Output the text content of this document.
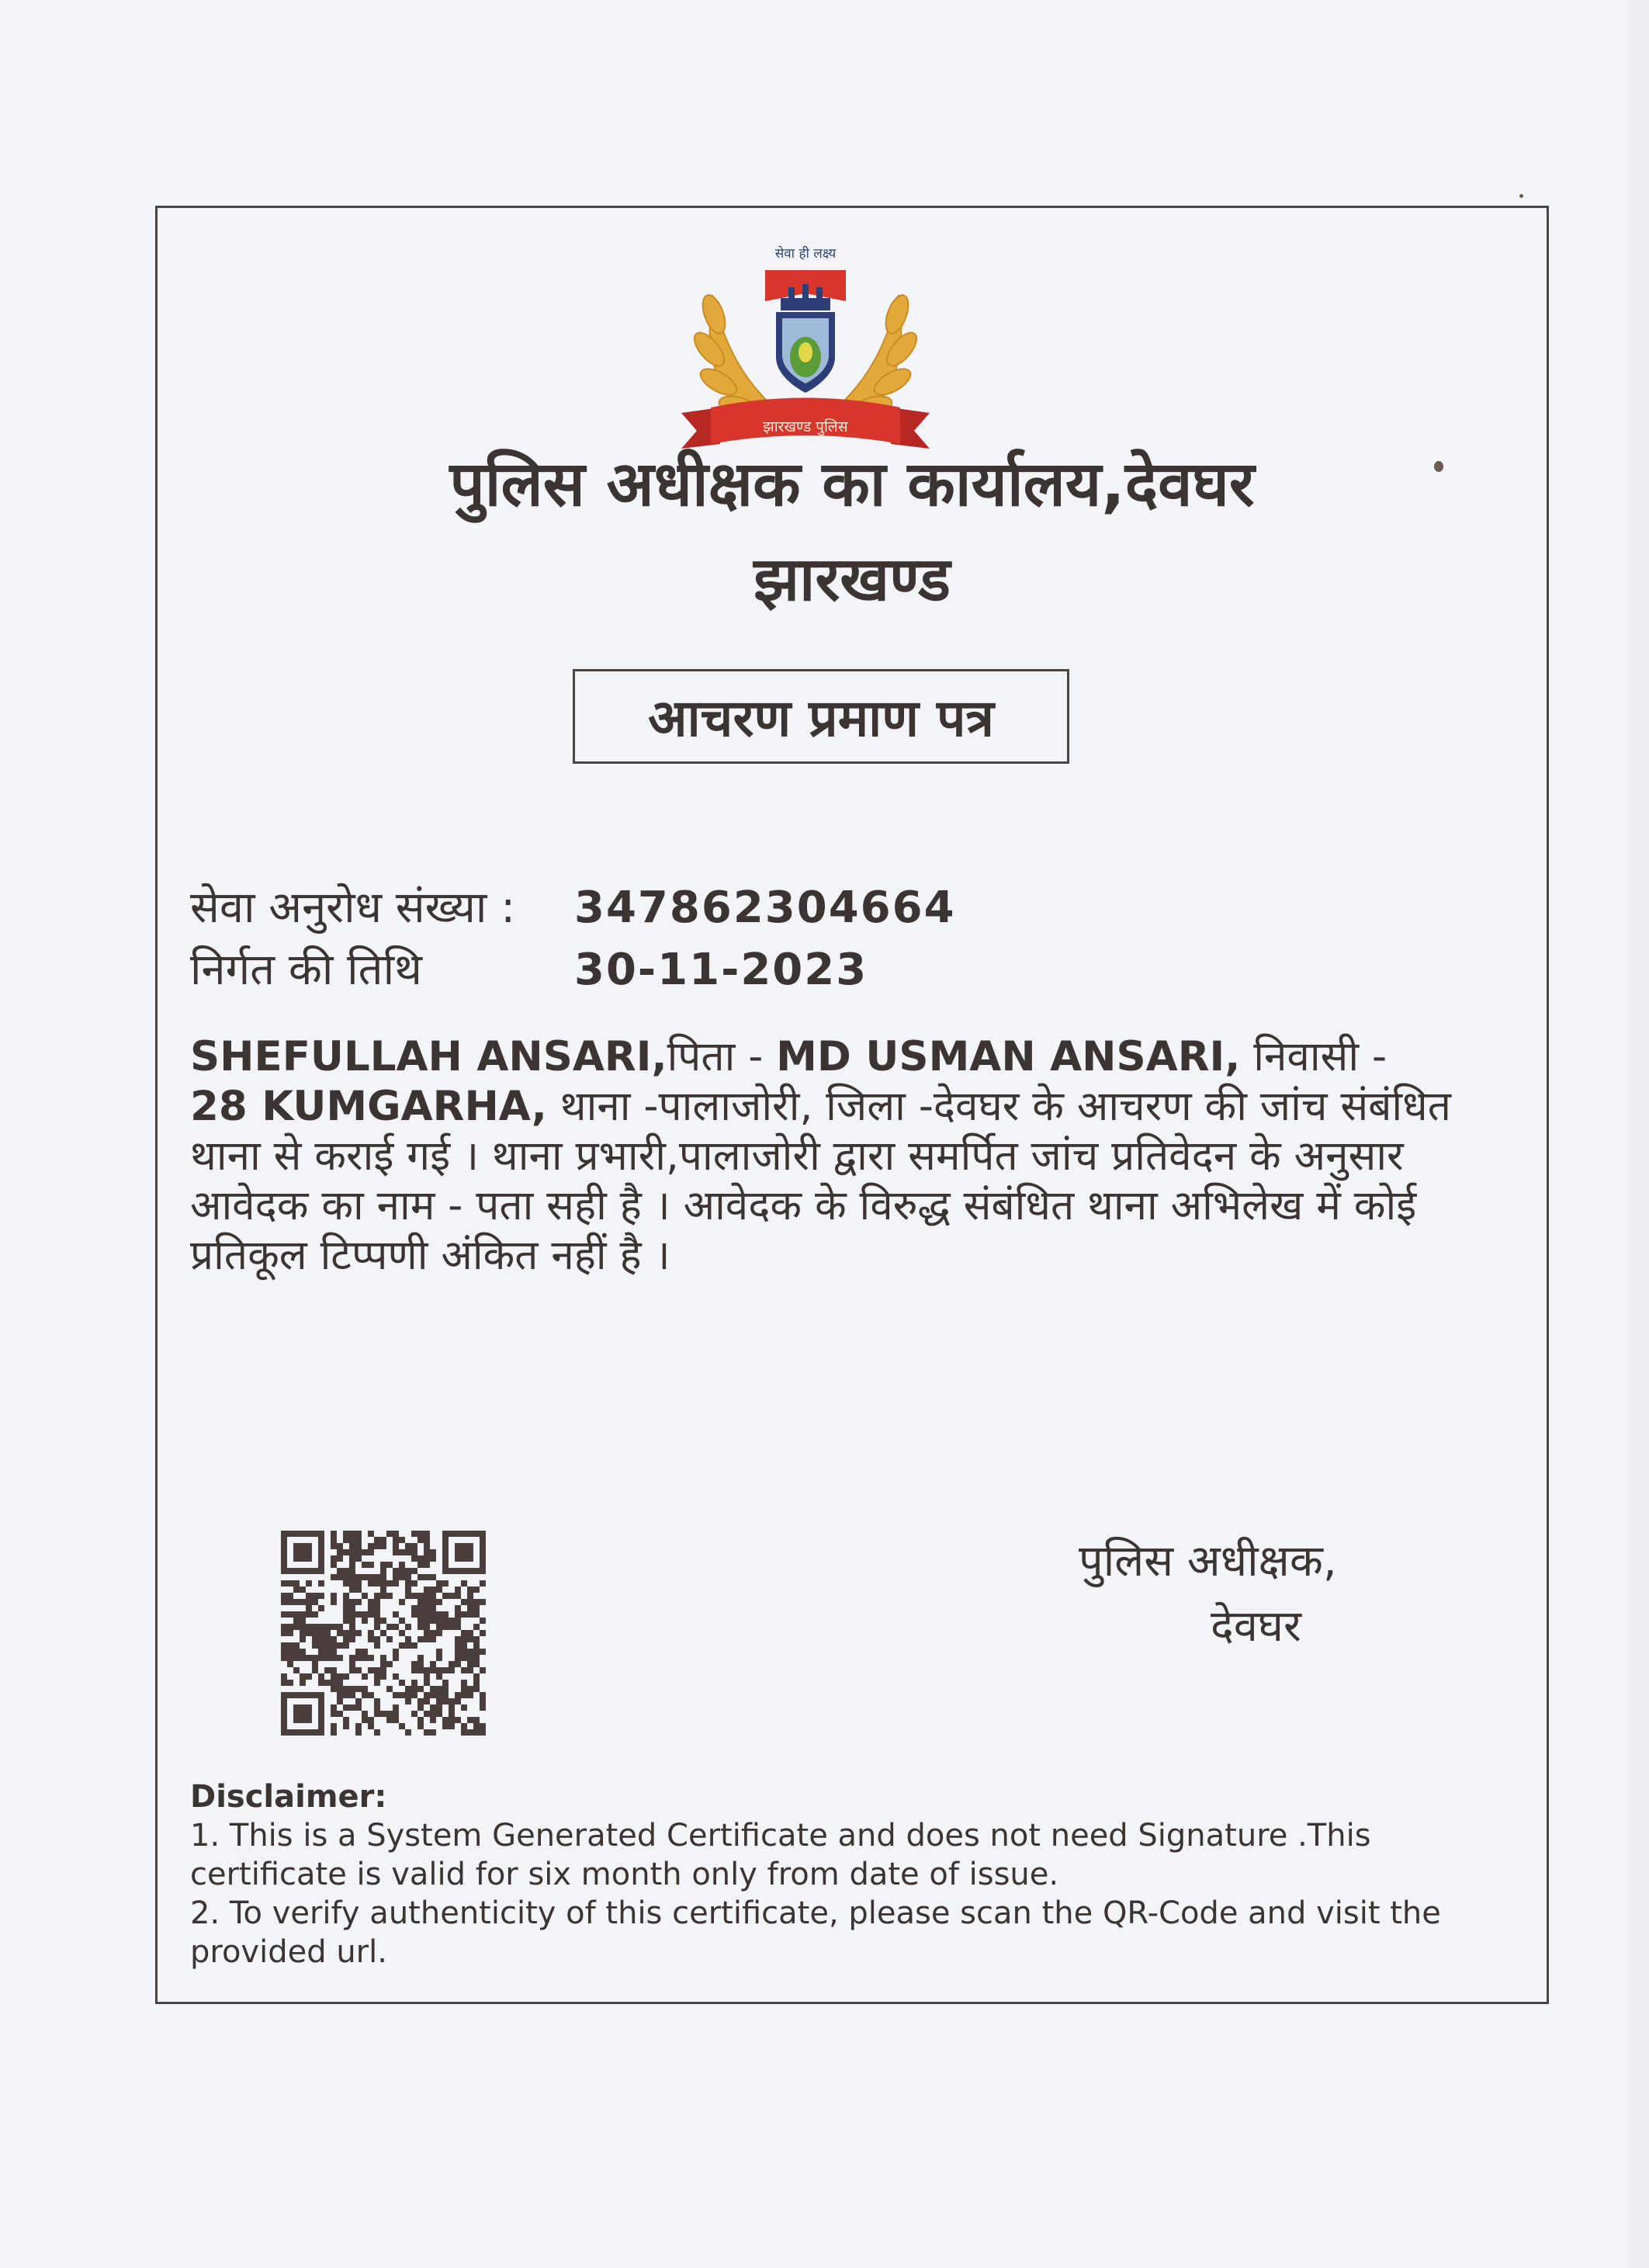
सेवा ही लक्ष्य
झारखण्ड पुलिस
पुलिस अधीक्षक का कार्यालय,देवघर
झारखण्ड
आचरण प्रमाण पत्र
सेवा अनुरोध संख्या :	347862304664
निर्गत की तिथि	30-11-2023
SHEFULLAH ANSARI,पिता - MD USMAN ANSARI, निवासी -
28 KUMGARHA, थाना -पालाजोरी, जिला -देवघर के आचरण की जांच संबंधित थाना से कराई गई । थाना प्रभारी,पालाजोरी द्वारा समर्पित जांच प्रतिवेदन के अनुसार आवेदक का नाम - पता सही है । आवेदक के विरुद्ध संबंधित थाना अभिलेख में कोई प्रतिकूल टिप्पणी अंकित नहीं है ।
पुलिस अधीक्षक,
देवघर
Disclaimer:
1. This is a System Generated Certificate and does not need Signature .This certificate is valid for six month only from date of issue.
2. To verify authenticity of this certificate, please scan the QR-Code and visit the provided url.
